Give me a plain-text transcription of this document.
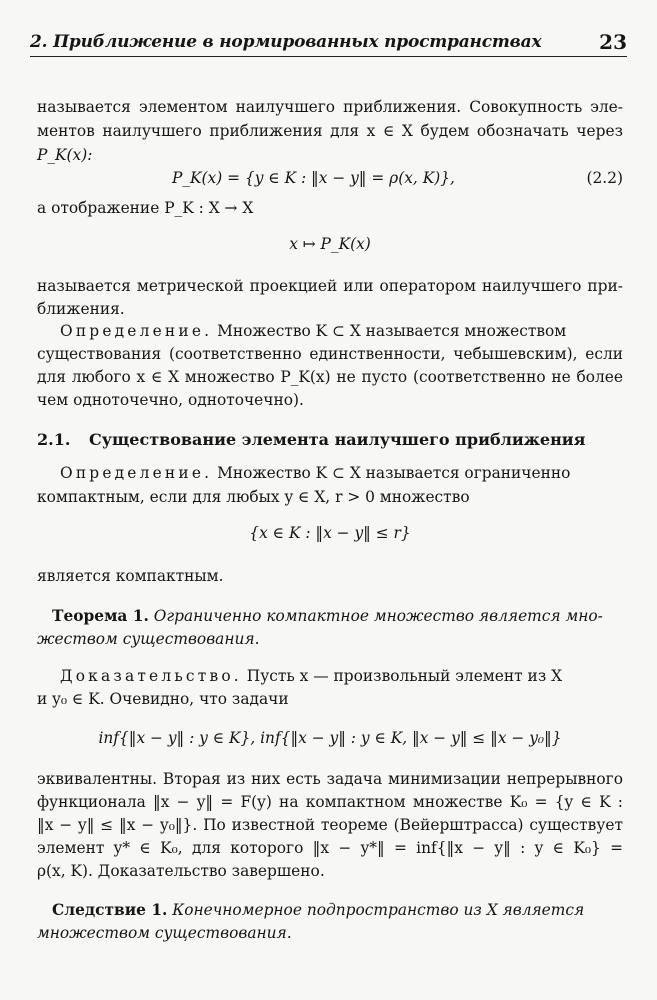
2. Приближение в нормированных пространствах	23
называется элементом наилучшего приближения. Совокупность эле-
ментов наилучшего приближения для x ∈ X будем обозначать через
P_K(x):
P_K(x) = {y ∈ K : ‖x − y‖ = ρ(x, K)},	(2.2)
а отображение P_K : X → X
x ↦ P_K(x)
называется метрической проекцией или оператором наилучшего при-
ближения.
Определение. Множество K ⊂ X называется множеством
существования (соответственно единственности, чебышевским), если
для любого x ∈ X множество P_K(x) не пусто (соответственно не более
чем одноточечно, одноточечно).
2.1. Существование элемента наилучшего приближения
Определение. Множество K ⊂ X называется ограниченно
компактным, если для любых y ∈ X, r > 0 множество
{x ∈ K : ‖x − y‖ ≤ r}
является компактным.
Теорема 1. Ограниченно компактное множество является мно-
жеством существования.
Доказательство. Пусть x — произвольный элемент из X
и y₀ ∈ K. Очевидно, что задачи
inf{‖x − y‖ : y ∈ K}, inf{‖x − y‖ : y ∈ K, ‖x − y‖ ≤ ‖x − y₀‖}
эквивалентны. Вторая из них есть задача минимизации непрерывного
функционала ‖x − y‖ = F(y) на компактном множестве K₀ = {y ∈ K :
‖x − y‖ ≤ ‖x − y₀‖}. По известной теореме (Вейерштрасса) существует
элемент y* ∈ K₀, для которого ‖x − y*‖ = inf{‖x − y‖ : y ∈ K₀} =
ρ(x, K). Доказательство завершено.
Следствие 1. Конечномерное подпространство из X является
множеством существования.
